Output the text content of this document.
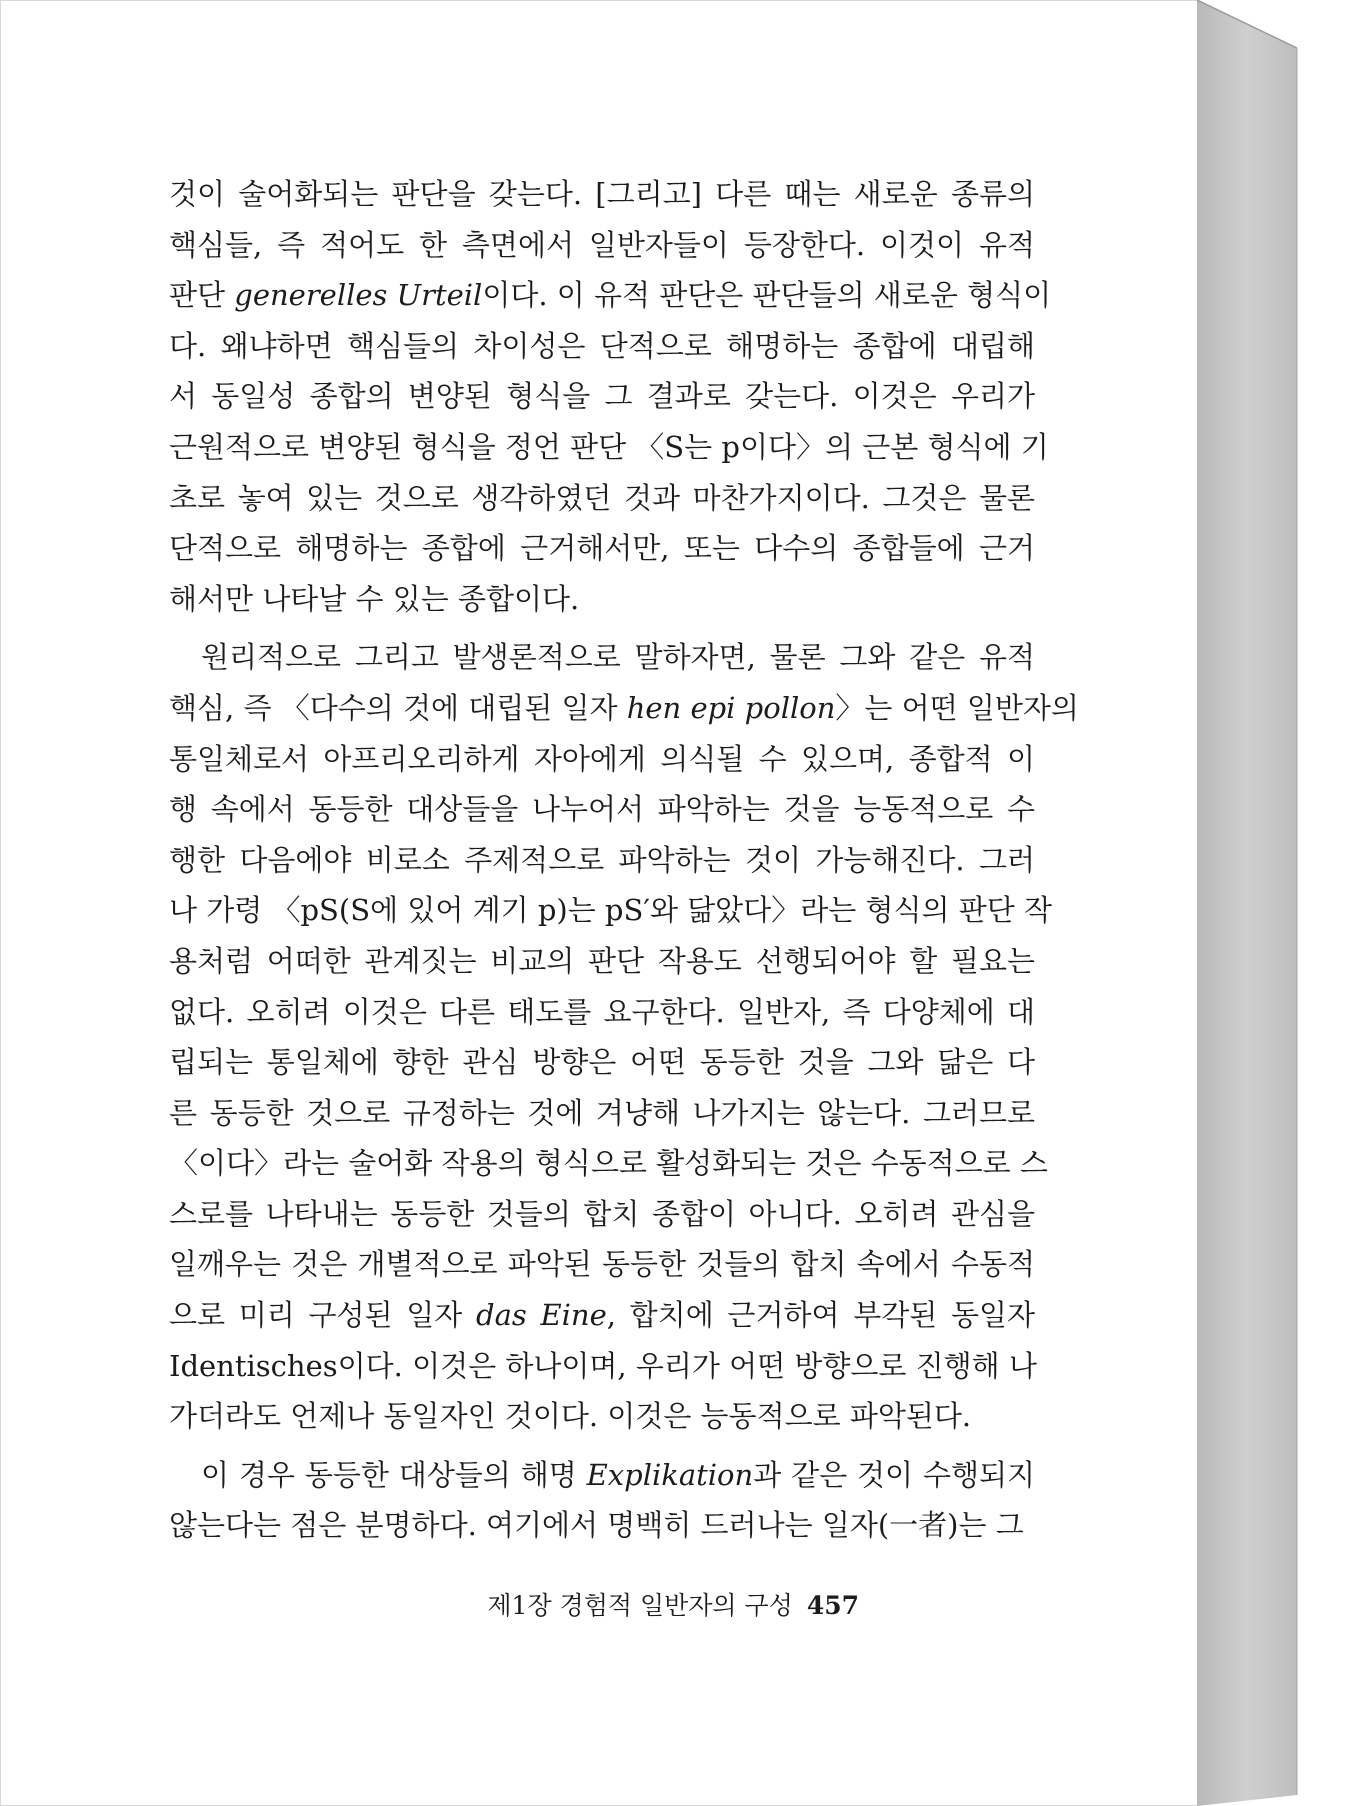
것이 술어화되는 판단을 갖는다. [그리고] 다른 때는 새로운 종류의
핵심들, 즉 적어도 한 측면에서 일반자들이 등장한다. 이것이 유적
판단 generelles Urteil이다. 이 유적 판단은 판단들의 새로운 형식이
다. 왜냐하면 핵심들의 차이성은 단적으로 해명하는 종합에 대립해
서 동일성 종합의 변양된 형식을 그 결과로 갖는다. 이것은 우리가
근원적으로 변양된 형식을 정언 판단 〈S는 p이다〉의 근본 형식에 기
초로 놓여 있는 것으로 생각하였던 것과 마찬가지이다. 그것은 물론
단적으로 해명하는 종합에 근거해서만, 또는 다수의 종합들에 근거
해서만 나타날 수 있는 종합이다.
원리적으로 그리고 발생론적으로 말하자면, 물론 그와 같은 유적
핵심, 즉 〈다수의 것에 대립된 일자 hen epi pollon〉는 어떤 일반자의
통일체로서 아프리오리하게 자아에게 의식될 수 있으며, 종합적 이
행 속에서 동등한 대상들을 나누어서 파악하는 것을 능동적으로 수
행한 다음에야 비로소 주제적으로 파악하는 것이 가능해진다. 그러
나 가령 〈pS(S에 있어 계기 p)는 pS′와 닮았다〉라는 형식의 판단 작
용처럼 어떠한 관계짓는 비교의 판단 작용도 선행되어야 할 필요는
없다. 오히려 이것은 다른 태도를 요구한다. 일반자, 즉 다양체에 대
립되는 통일체에 향한 관심 방향은 어떤 동등한 것을 그와 닮은 다
른 동등한 것으로 규정하는 것에 겨냥해 나가지는 않는다. 그러므로
〈이다〉라는 술어화 작용의 형식으로 활성화되는 것은 수동적으로 스
스로를 나타내는 동등한 것들의 합치 종합이 아니다. 오히려 관심을
일깨우는 것은 개별적으로 파악된 동등한 것들의 합치 속에서 수동적
으로 미리 구성된 일자 das Eine, 합치에 근거하여 부각된 동일자
Identisches이다. 이것은 하나이며, 우리가 어떤 방향으로 진행해 나
가더라도 언제나 동일자인 것이다. 이것은 능동적으로 파악된다.
이 경우 동등한 대상들의 해명 Explikation과 같은 것이 수행되지
않는다는 점은 분명하다. 여기에서 명백히 드러나는 일자(一者)는 그
제1장 경험적 일반자의 구성 457
